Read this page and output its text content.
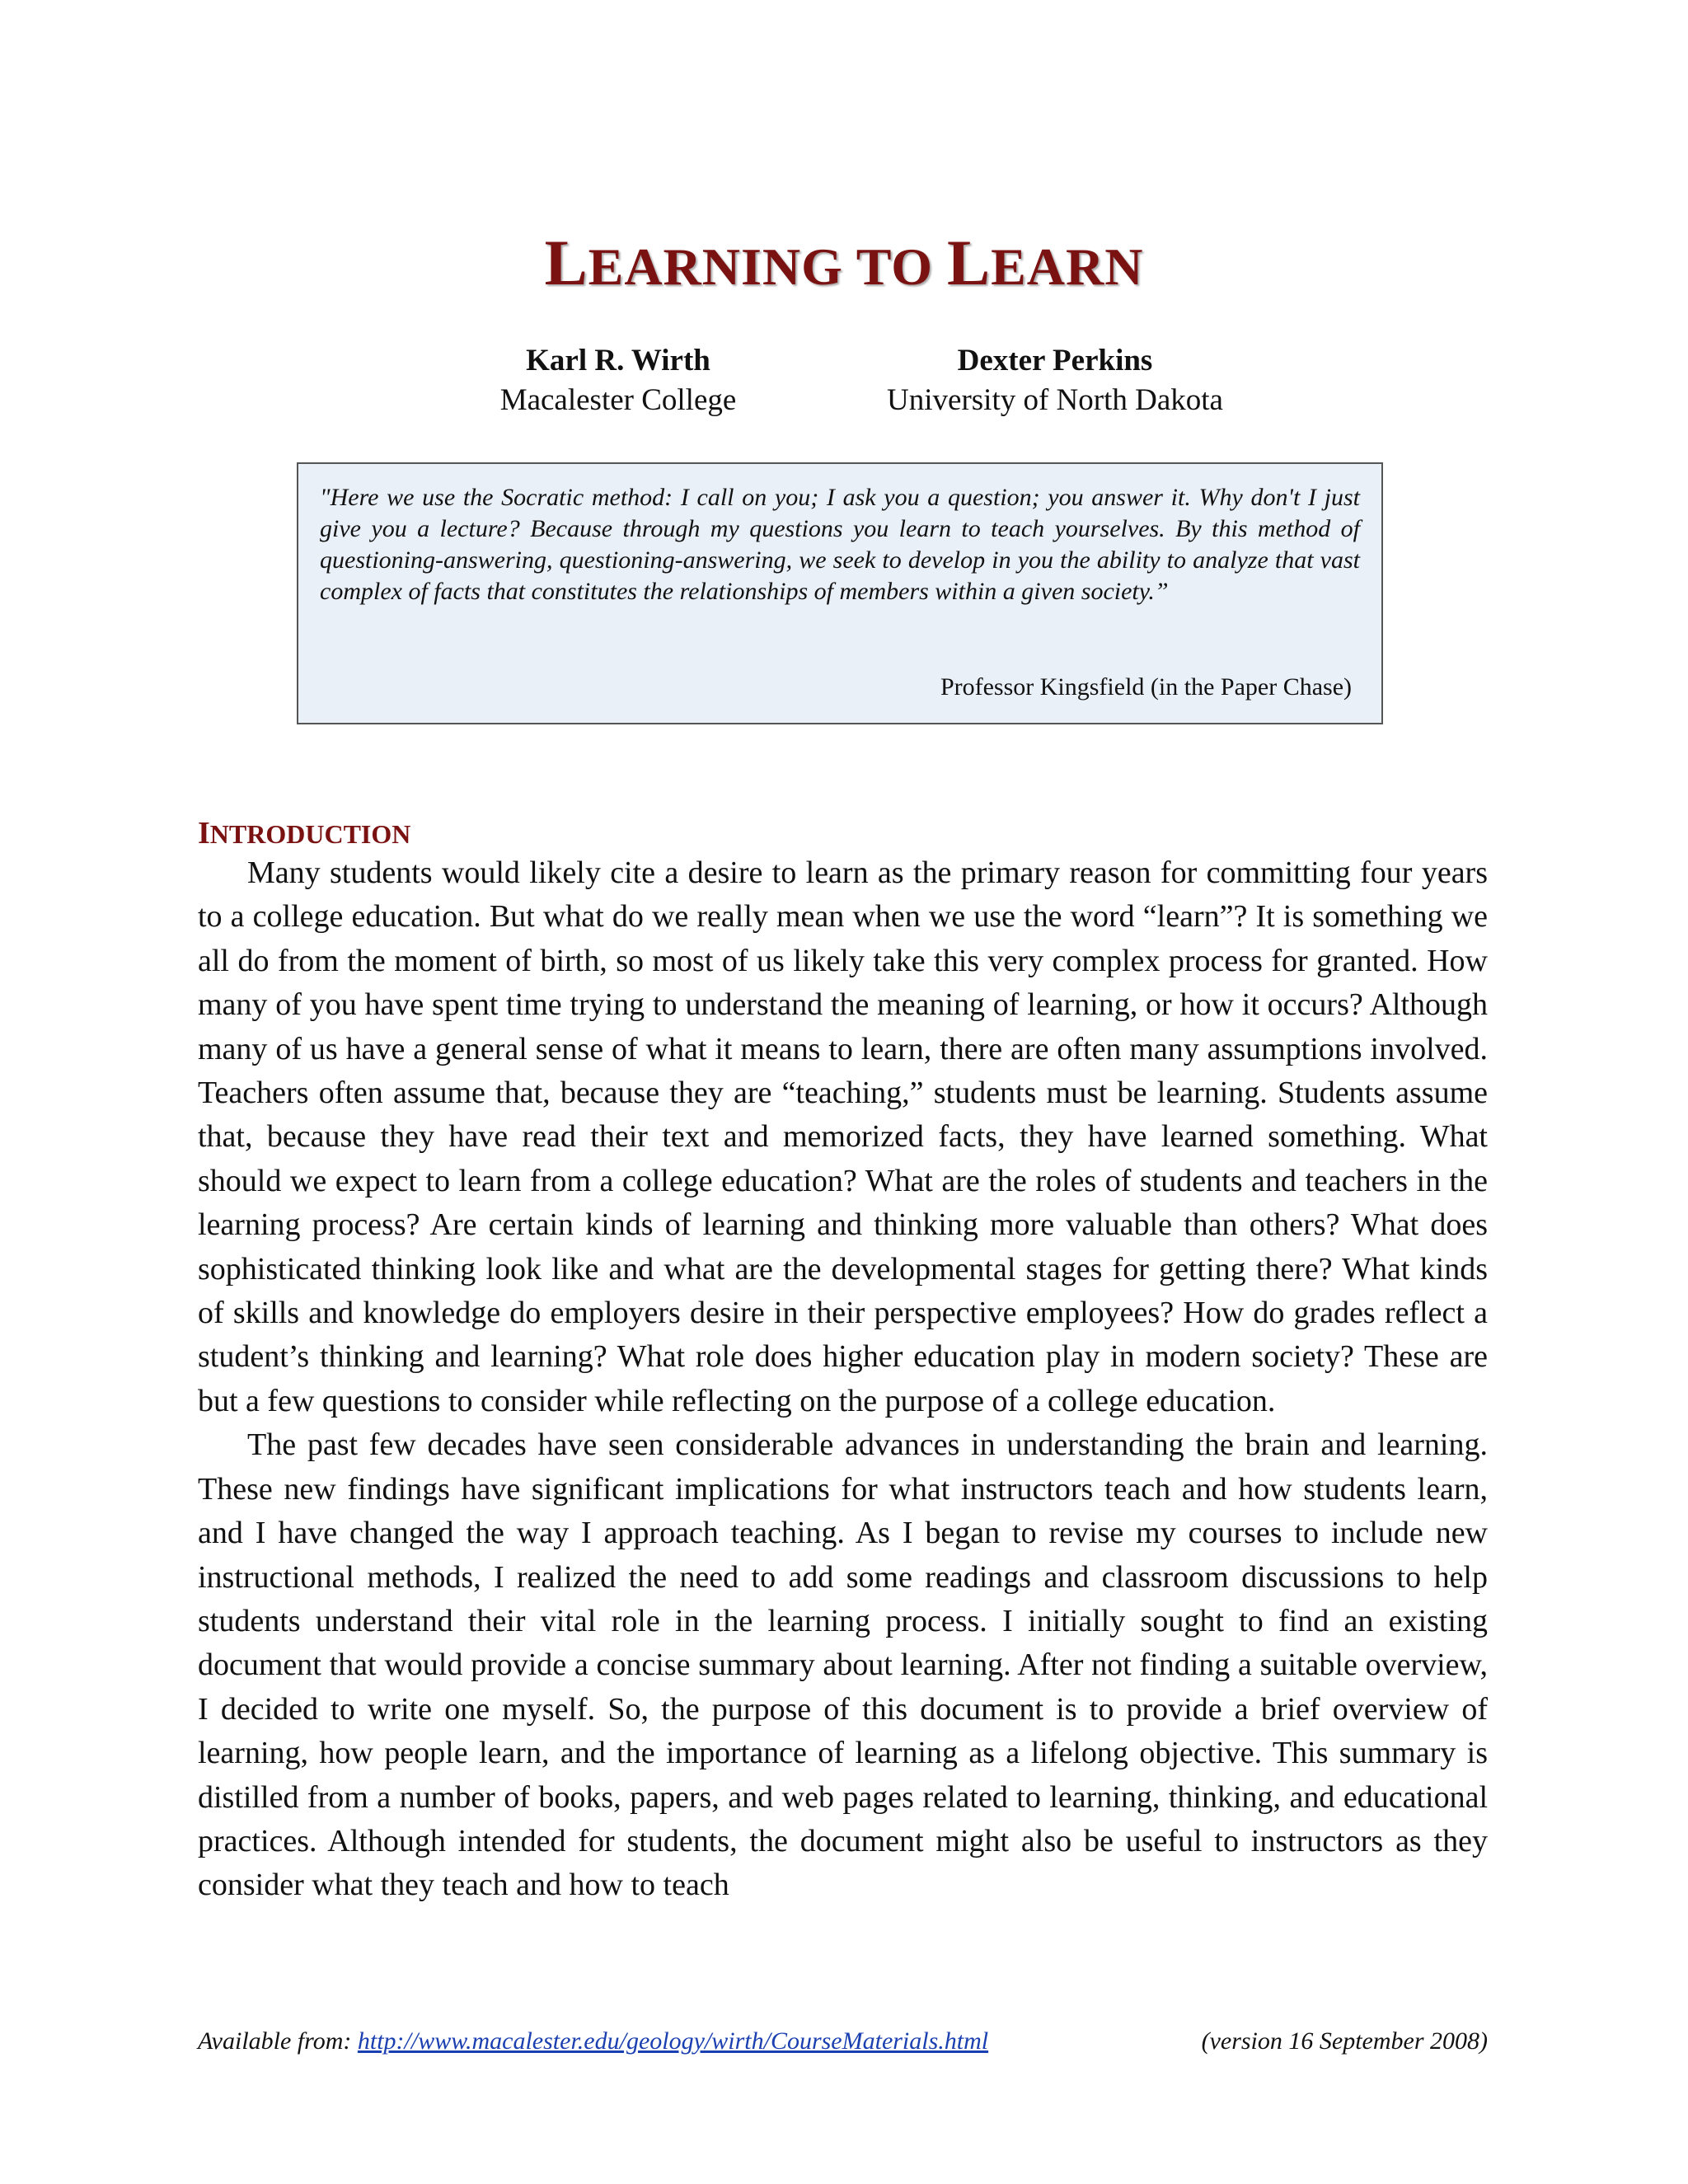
LEARNING TO LEARN
Karl R. Wirth
Macalester College
Dexter Perkins
University of North Dakota

"Here we use the Socratic method: I call on you; I ask you a question; you answer it. Why don't I just give you a lecture? Because through my questions you learn to teach yourselves. By this method of questioning-answering, questioning-answering, we seek to develop in you the ability to analyze that vast complex of facts that constitutes the relationships of members within a given society.”

Professor Kingsfield (in the Paper Chase)
INTRODUCTION

Many students would likely cite a desire to learn as the primary reason for committing four years to a college education. But what do we really mean when we use the word “learn”? It is something we all do from the moment of birth, so most of us likely take this very complex process for granted. How many of you have spent time trying to understand the meaning of learning, or how it occurs? Although many of us have a general sense of what it means to learn, there are often many assumptions involved. Teachers often assume that, because they are “teaching,” students must be learning. Students assume that, because they have read their text and memorized facts, they have learned something. What should we expect to learn from a college education? What are the roles of students and teachers in the learning process? Are certain kinds of learning and thinking more valuable than others? What does sophisticated thinking look like and what are the developmental stages for getting there? What kinds of skills and knowledge do employers desire in their perspective employees? How do grades reflect a student’s thinking and learning? What role does higher education play in modern society? These are but a few questions to consider while reflecting on the purpose of a college education.

The past few decades have seen considerable advances in understanding the brain and learning. These new findings have significant implications for what instructors teach and how students learn, and I have changed the way I approach teaching. As I began to revise my courses to include new instructional methods, I realized the need to add some readings and classroom discussions to help students understand their vital role in the learning process. I initially sought to find an existing document that would provide a concise summary about learning. After not finding a suitable overview, I decided to write one myself. So, the purpose of this document is to provide a brief overview of learning, how people learn, and the importance of learning as a lifelong objective. This summary is distilled from a number of books, papers, and web pages related to learning, thinking, and educational practices. Although intended for students, the document might also be useful to instructors as they consider what they teach and how to teach

Available from: http://www.macalester.edu/geology/wirth/CourseMaterials.html	(version 16 September 2008)
